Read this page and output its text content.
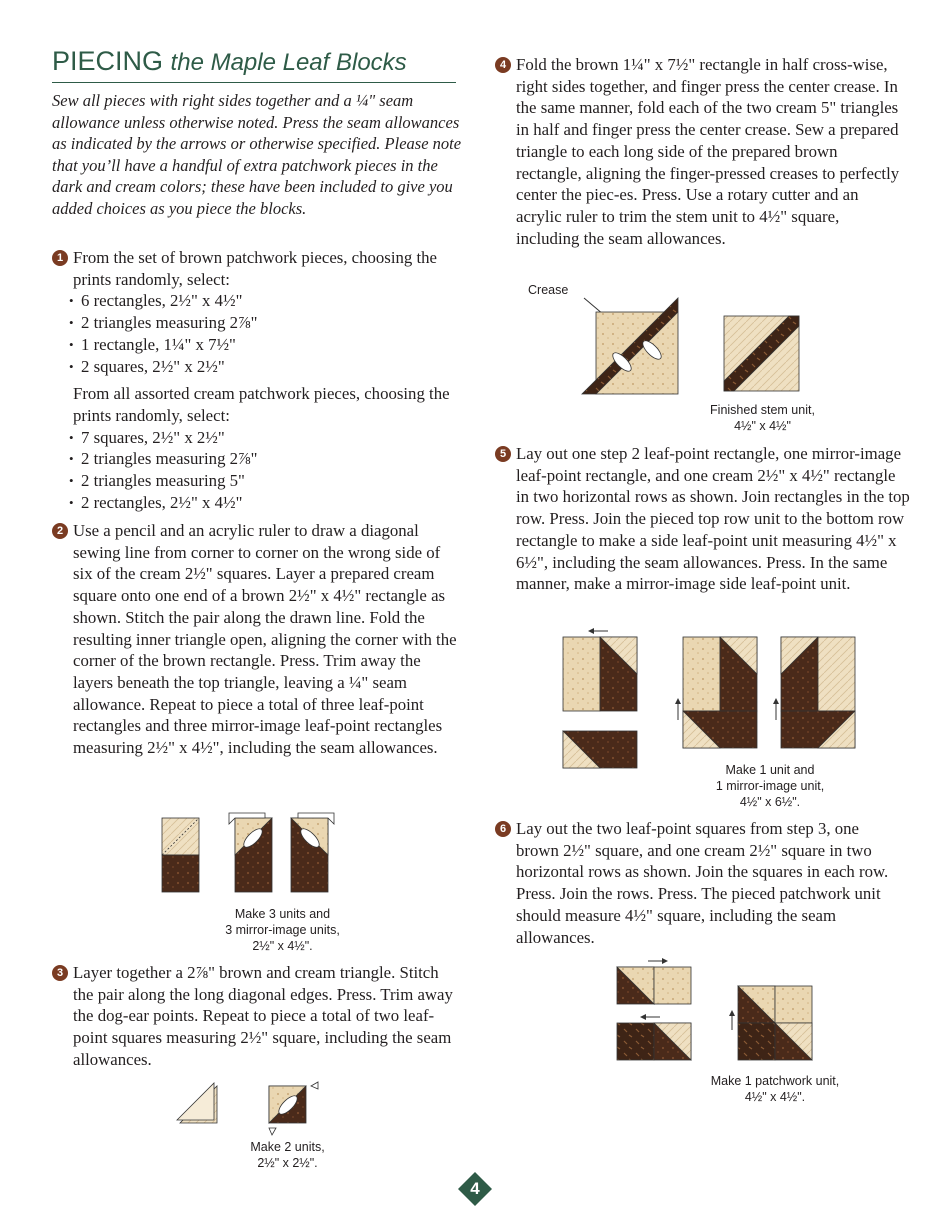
PIECING the Maple Leaf Blocks
Sew all pieces with right sides together and a ¼" seam allowance unless otherwise noted. Press the seam allowances as indicated by the arrows or otherwise specified. Please note that you’ll have a handful of extra patchwork pieces in the dark and cream colors; these have been included to give you added choices as you piece the blocks.
1 From the set of brown patchwork pieces, choosing the prints randomly, select:

• 6 rectangles, 2½" x 4½"
• 2 triangles measuring 2⅞"
• 1 rectangle, 1¼" x 7½"
• 2 squares, 2½" x 2½"

From all assorted cream patchwork pieces, choosing the prints randomly, select:

• 7 squares, 2½" x 2½"
• 2 triangles measuring 2⅞"
• 2 triangles measuring 5"
• 2 rectangles, 2½" x 4½"
2 Use a pencil and an acrylic ruler to draw a diagonal sewing line from corner to corner on the wrong side of six of the cream 2½" squares. Layer a prepared cream square onto one end of a brown 2½" x 4½" rectangle as shown. Stitch the pair along the drawn line. Fold the resulting inner triangle open, aligning the corner with the corner of the brown rectangle. Press. Trim away the layers beneath the top triangle, leaving a ¼" seam allowance. Repeat to piece a total of three leaf-point rectangles and three mirror-image leaf-point rectangles measuring 2½" x 4½", including the seam allowances.

Make 3 units and
3 mirror-image units,
2½" x 4½".
3 Layer together a 2⅞" brown and cream triangle. Stitch the pair along the long diagonal edges. Press. Trim away the dog-ear points. Repeat to piece a total of two leaf-point squares measuring 2½" square, including the seam allowances.

Make 2 units,
2½" x 2½".
4 Fold the brown 1¼" x 7½" rectangle in half cross-wise, right sides together, and finger press the center crease. In the same manner, fold each of the two cream 5" triangles in half and finger press the center crease. Sew a prepared triangle to each long side of the prepared brown rectangle, aligning the finger-pressed creases to perfectly center the piec-es. Press. Use a rotary cutter and an acrylic ruler to trim the stem unit to 4½" square, including the seam allowances.

Crease
Finished stem unit,
4½" x 4½"
5 Lay out one step 2 leaf-point rectangle, one mirror-image leaf-point rectangle, and one cream 2½" x 4½" rectangle in two horizontal rows as shown. Join rectangles in the top row. Press. Join the pieced top row unit to the bottom row rectangle to make a side leaf-point unit measuring 4½" x 6½", including the seam allowances. Press. In the same manner, make a mirror-image side leaf-point unit.

Make 1 unit and
1 mirror-image unit,
4½" x 6½".
6 Lay out the two leaf-point squares from step 3, one brown 2½" square, and one cream 2½" square in two horizontal rows as shown. Join the squares in each row. Press. Join the rows. Press. The pieced patchwork unit should measure 4½" square, including the seam allowances.

Make 1 patchwork unit,
4½" x 4½".
4
